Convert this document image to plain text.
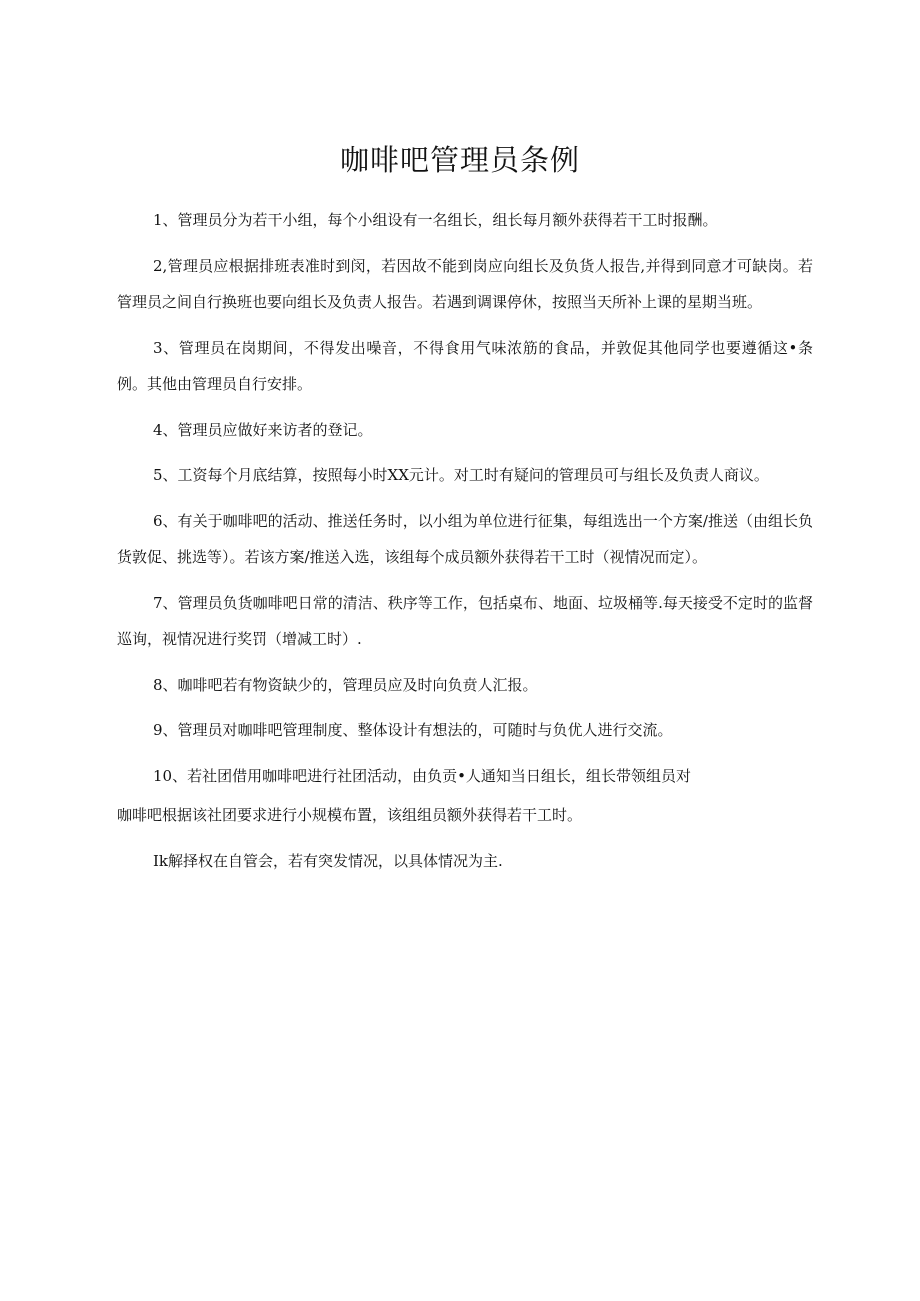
咖啡吧管理员条例

1、管理员分为若干小组，每个小组设有一名组长，组长每月额外获得若干工时报酬。

2,管理员应根据排班表准时到闵，若因故不能到岗应向组长及负货人报告,并得到同意才可缺岗。若管理员之间自行换班也要向组长及负责人报告。若遇到调课停休，按照当天所补上课的星期当班。

3、管理员在岗期间，不得发出噪音，不得食用气味浓筋的食品，并敦促其他同学也要遵循这•条例。其他由管理员自行安排。

4、管理员应做好来访者的登记。

5、工资每个月底结算，按照每小时XX元计。对工时有疑问的管理员可与组长及负责人商议。

6、有关于咖啡吧的活动、推送任务时，以小组为单位进行征集，每组选出一个方案/推送（由组长负货敦促、挑选等）。若该方案/推送入选，该组每个成员额外获得若干工时（视情况而定）。

7、管理员负货咖啡吧日常的清洁、秩序等工作，包括桌布、地面、垃圾桶等.每天接受不定时的监督巡询，视情况进行奖罚（增减工时）.

8、咖啡吧若有物资缺少的，管理员应及时向负贲人汇报。

9、管理员对咖啡吧管理制度、整体设计有想法的，可随时与负优人进行交流。

10、若社团借用咖啡吧进行社团活动，由负贡•人通知当日组长，组长带领组员对

咖啡吧根据该社团要求进行小规模布置，该组组员额外获得若干工时。

Ik解择权在自管会，若有突发情况，以具体情况为主.
